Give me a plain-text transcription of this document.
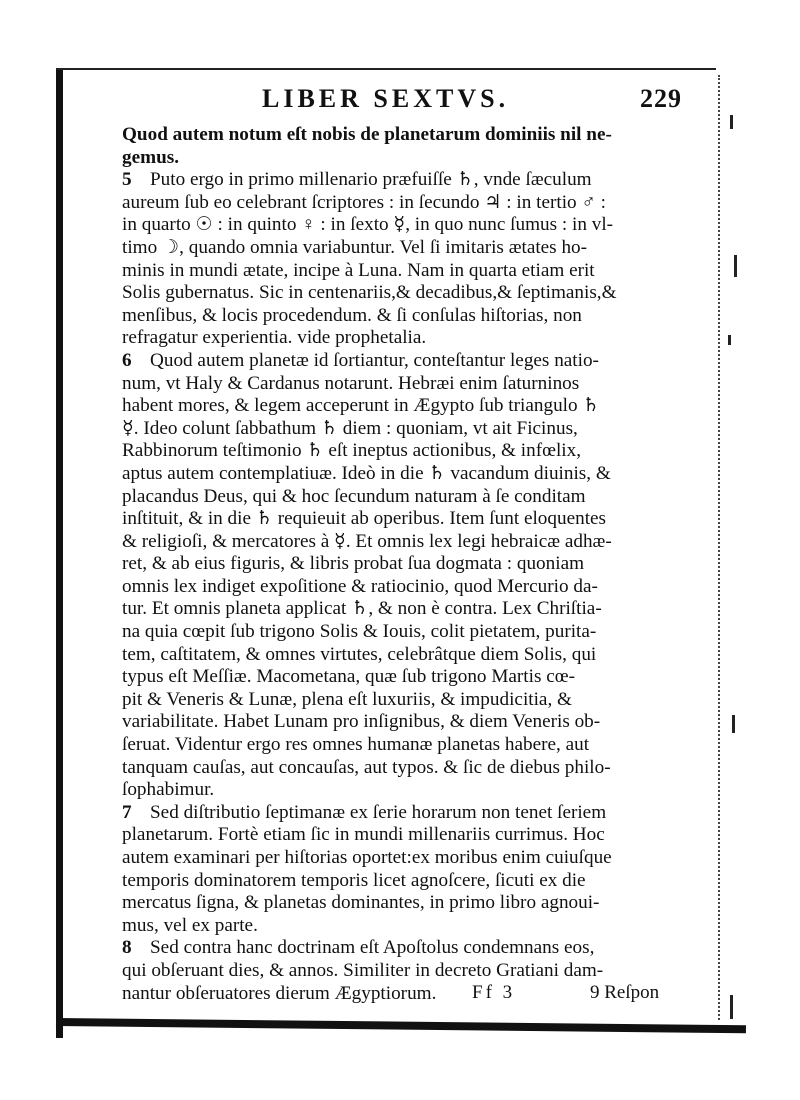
LIBER SEXTVS.	229
Quod autem notum eſt nobis de planetarum dominiis nil ne-
gemus.
5 Puto ergo in primo millenario præfuiſſe ♄, vnde ſæculum
aureum ſub eo celebrant ſcriptores : in ſecundo ♃ : in tertio ♂ :
in quarto ☉ : in quinto ♀ : in ſexto ☿, in quo nunc ſumus : in vl-
timo ☽, quando omnia variabuntur. Vel ſi imitaris ætates ho-
minis in mundi ætate, incipe à Luna. Nam in quarta etiam erit
Solis gubernatus. Sic in centenariis,& decadibus,& ſeptimanis,&
menſibus, & locis procedendum. & ſi conſulas hiſtorias, non
refragatur experientia. vide prophetalia.
6 Quod autem planetæ id ſortiantur, conteſtantur leges natio-
num, vt Haly & Cardanus notarunt. Hebræi enim ſaturninos
habent mores, & legem acceperunt in Ægypto ſub triangulo ♄
☿. Ideo colunt ſabbathum ♄ diem : quoniam, vt ait Ficinus,
Rabbinorum teſtimonio ♄ eſt ineptus actionibus, & infœlix,
aptus autem contemplatiuæ. Ideò in die ♄ vacandum diuinis, &
placandus Deus, qui & hoc ſecundum naturam à ſe conditam
inſtituit, & in die ♄ requieuit ab operibus. Item ſunt eloquentes
& religioſi, & mercatores à ☿. Et omnis lex legi hebraicæ adhæ-
ret, & ab eius figuris, & libris probat ſua dogmata : quoniam
omnis lex indiget expoſitione & ratiocinio, quod Mercurio da-
tur. Et omnis planeta applicat ♄, & non è contra. Lex Chriſtia-
na quia cœpit ſub trigono Solis & Iouis, colit pietatem, purita-
tem, caſtitatem, & omnes virtutes, celebrâtque diem Solis, qui
typus eſt Meſſiæ. Macometana, quæ ſub trigono Martis cœ-
pit & Veneris & Lunæ, plena eſt luxuriis, & impudicitia, &
variabilitate. Habet Lunam pro inſignibus, & diem Veneris ob-
ſeruat. Videntur ergo res omnes humanæ planetas habere, aut
tanquam cauſas, aut concauſas, aut typos. & ſic de diebus philo-
ſophabimur.
7 Sed diſtributio ſeptimanæ ex ſerie horarum non tenet ſeriem
planetarum. Fortè etiam ſic in mundi millenariis currimus. Hoc
autem examinari per hiſtorias oportet:ex moribus enim cuiuſque
temporis dominatorem temporis licet agnoſcere, ſicuti ex die
mercatus ſigna, & planetas dominantes, in primo libro agnoui-
mus, vel ex parte.
8 Sed contra hanc doctrinam eſt Apoſtolus condemnans eos,
qui obſeruant dies, & annos. Similiter in decreto Gratiani dam-
nantur obſeruatores dierum Ægyptiorum.	Ff 3	9 Reſpon
